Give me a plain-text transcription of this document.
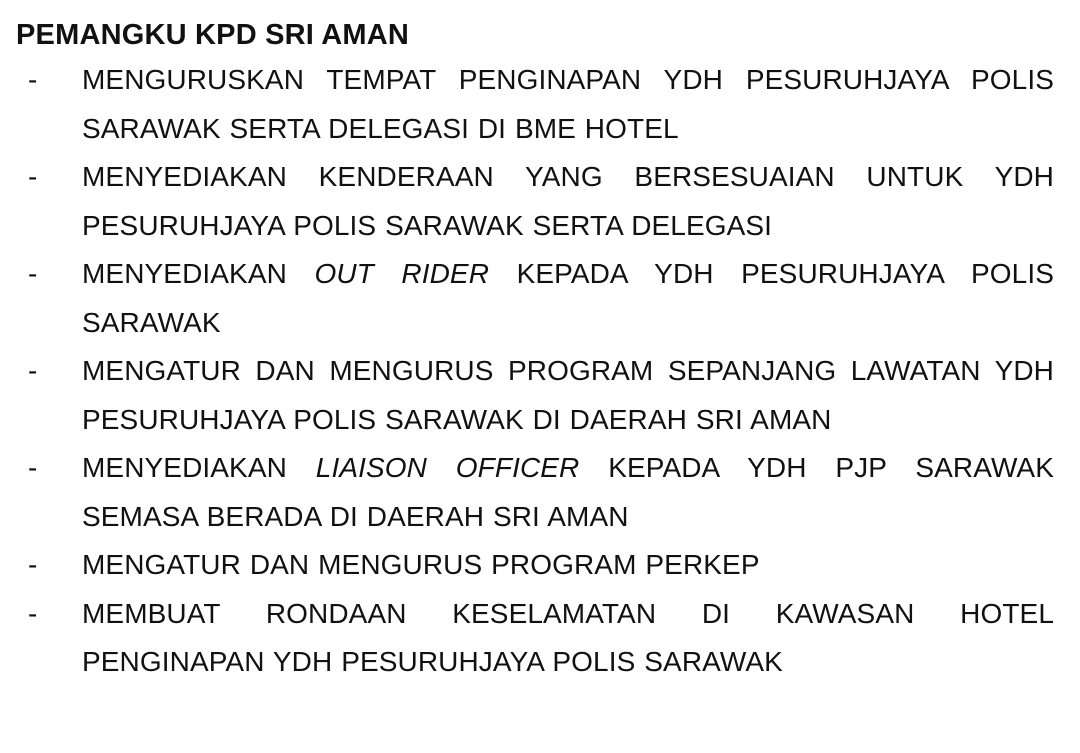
PEMANGKU KPD SRI AMAN
- MENGURUSKAN TEMPAT PENGINAPAN YDH PESURUHJAYA POLIS SARAWAK SERTA DELEGASI DI BME HOTEL
- MENYEDIAKAN KENDERAAN YANG BERSESUAIAN UNTUK YDH PESURUHJAYA POLIS SARAWAK SERTA DELEGASI
- MENYEDIAKAN OUT RIDER KEPADA YDH PESURUHJAYA POLIS SARAWAK
- MENGATUR DAN MENGURUS PROGRAM SEPANJANG LAWATAN YDH PESURUHJAYA POLIS SARAWAK DI DAERAH SRI AMAN
- MENYEDIAKAN LIAISON OFFICER KEPADA YDH PJP SARAWAK SEMASA BERADA DI DAERAH SRI AMAN
- MENGATUR DAN MENGURUS PROGRAM PERKEP
- MEMBUAT RONDAAN KESELAMATAN DI KAWASAN HOTEL PENGINAPAN YDH PESURUHJAYA POLIS SARAWAK
